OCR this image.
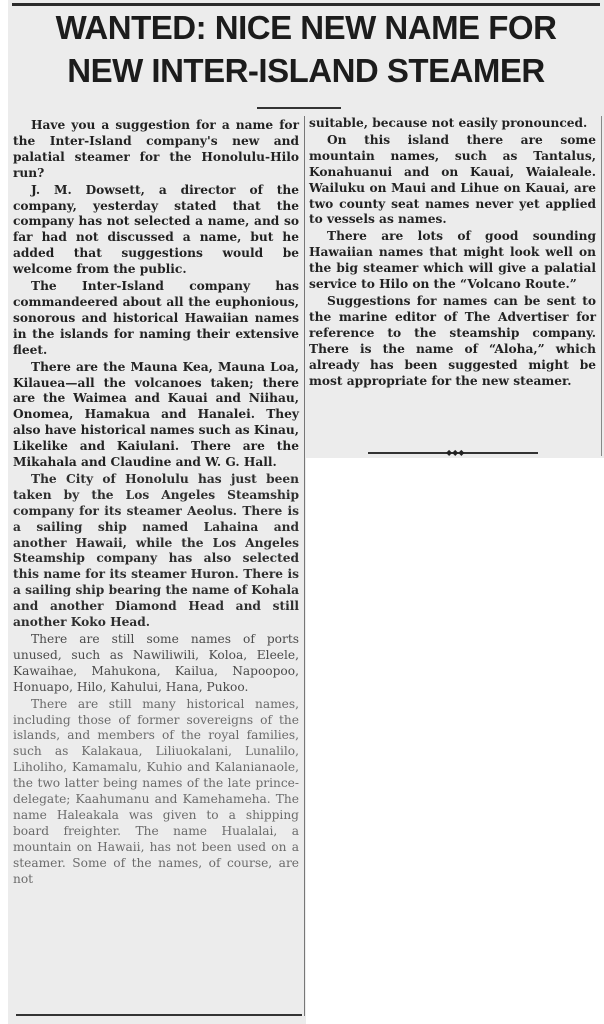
WANTED: NICE NEW NAME FOR
NEW INTER-ISLAND STEAMER

Have you a suggestion for a name for the Inter-Island company's new and palatial steamer for the Honolulu-Hilo run?

J. M. Dowsett, a director of the company, yesterday stated that the company has not selected a name, and so far had not discussed a name, but he added that suggestions would be welcome from the public.

The Inter-Island company has commandeered about all the euphonious, sonorous and historical Hawaiian names in the islands for naming their extensive fleet.

There are the Mauna Kea, Mauna Loa, Kilauea—all the volcanoes taken; there are the Waimea and Kauai and Niihau, Onomea, Hamakua and Hanalei. They also have historical names such as Kinau, Likelike and Kaiulani. There are the Mikahala and Claudine and W. G. Hall.

The City of Honolulu has just been taken by the Los Angeles Steamship company for its steamer Aeolus. There is a sailing ship named Lahaina and another Hawaii, while the Los Angeles Steamship company has also selected this name for its steamer Huron. There is a sailing ship bearing the name of Kohala and another Diamond Head and still another Koko Head.

There are still some names of ports unused, such as Nawiliwili, Koloa, Eleele, Kawaihae, Mahukona, Kailua, Napoopoo, Honuapo, Hilo, Kahului, Hana, Pukoo.

There are still many historical names, including those of former sovereigns of the islands, and members of the royal families, such as Kalakaua, Liliuokalani, Lunalilo, Liholiho, Kamamalu, Kuhio and Kalanianaole, the two latter being names of the late prince-delegate; Kaahumanu and Kamehameha. The name Haleakala was given to a shipping board freighter. The name Hualalai, a mountain on Hawaii, has not been used on a steamer. Some of the names, of course, are not

suitable, because not easily pronounced.

On this island there are some mountain names, such as Tantalus, Konahuanui and on Kauai, Waialeale. Wailuku on Maui and Lihue on Kauai, are two county seat names never yet applied to vessels as names.

There are lots of good sounding Hawaiian names that might look well on the big steamer which will give a palatial service to Hilo on the “Volcano Route.”

Suggestions for names can be sent to the marine editor of The Advertiser for reference to the steamship company. There is the name of “Aloha,” which already has been suggested might be most appropriate for the new steamer.

◆◆◆
